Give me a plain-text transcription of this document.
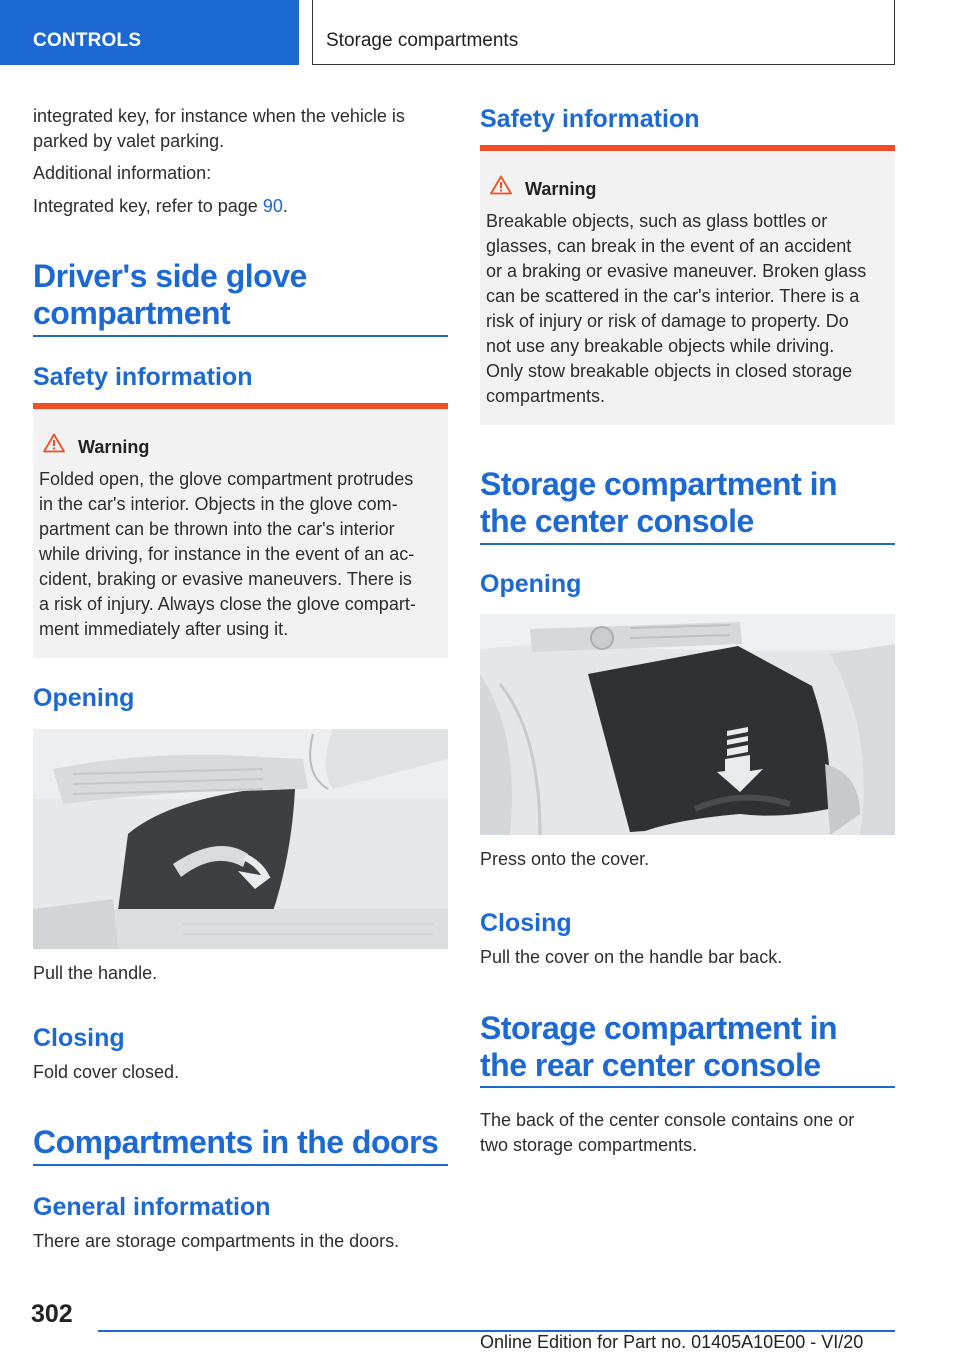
CONTROLS	Storage compartments
integrated key, for instance when the vehicle is
parked by valet parking.
Additional information:
Integrated key, refer to page 90.
Driver's side glove
compartment
Safety information
Warning
Folded open, the glove compartment protrudes
in the car's interior. Objects in the glove com-
partment can be thrown into the car's interior
while driving, for instance in the event of an ac-
cident, braking or evasive maneuvers. There is
a risk of injury. Always close the glove compart-
ment immediately after using it.
Opening
Pull the handle.
Closing
Fold cover closed.
Compartments in the doors
General information
There are storage compartments in the doors.
Safety information
Warning
Breakable objects, such as glass bottles or
glasses, can break in the event of an accident
or a braking or evasive maneuver. Broken glass
can be scattered in the car's interior. There is a
risk of injury or risk of damage to property. Do
not use any breakable objects while driving.
Only stow breakable objects in closed storage
compartments.
Storage compartment in
the center console
Opening
Press onto the cover.
Closing
Pull the cover on the handle bar back.
Storage compartment in
the rear center console
The back of the center console contains one or
two storage compartments.
302
Online Edition for Part no. 01405A10E00 - VI/20
